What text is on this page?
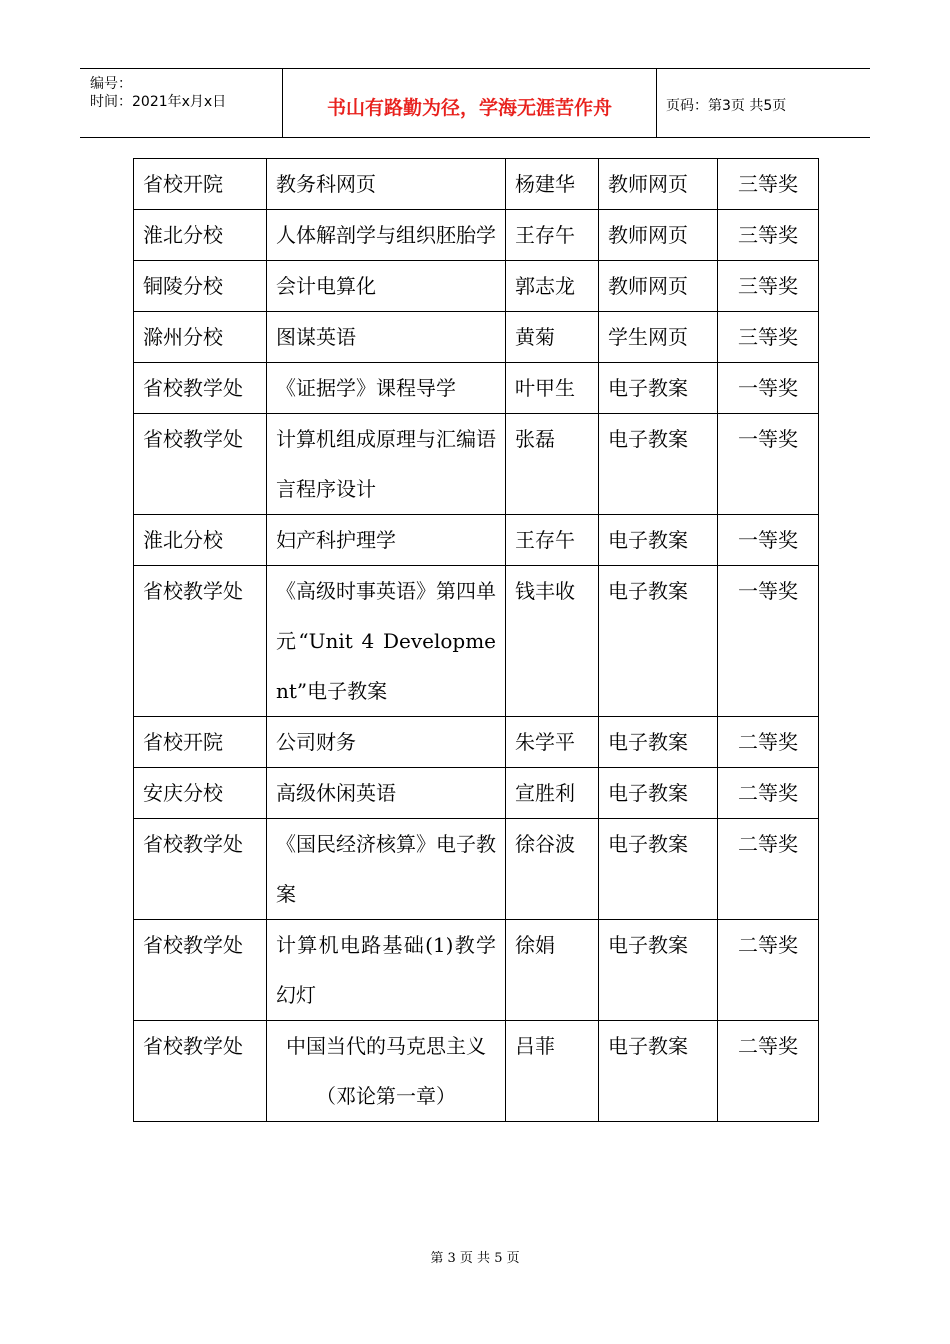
编号：
时间：2021年x月x日	书山有路勤为径，学海无涯苦作舟	页码：第3页 共5页
省校开院	教务科网页	杨建华	教师网页	三等奖
淮北分校	人体解剖学与组织胚胎学	王存午	教师网页	三等奖
铜陵分校	会计电算化	郭志龙	教师网页	三等奖
滁州分校	图谋英语	黄菊	学生网页	三等奖
省校教学处	《证据学》课程导学	叶甲生	电子教案	一等奖
省校教学处	计算机组成原理与汇编语言程序设计	张磊	电子教案	一等奖
淮北分校	妇产科护理学	王存午	电子教案	一等奖
省校教学处	《高级时事英语》第四单元“Unit 4 Development”电子教案	钱丰收	电子教案	一等奖
省校开院	公司财务	朱学平	电子教案	二等奖
安庆分校	高级休闲英语	宣胜利	电子教案	二等奖
省校教学处	《国民经济核算》电子教案	徐谷波	电子教案	二等奖
省校教学处	计算机电路基础(1)教学幻灯	徐娟	电子教案	二等奖
省校教学处	中国当代的马克思主义（邓论第一章）	吕菲	电子教案	二等奖
第 3 页 共 5 页
